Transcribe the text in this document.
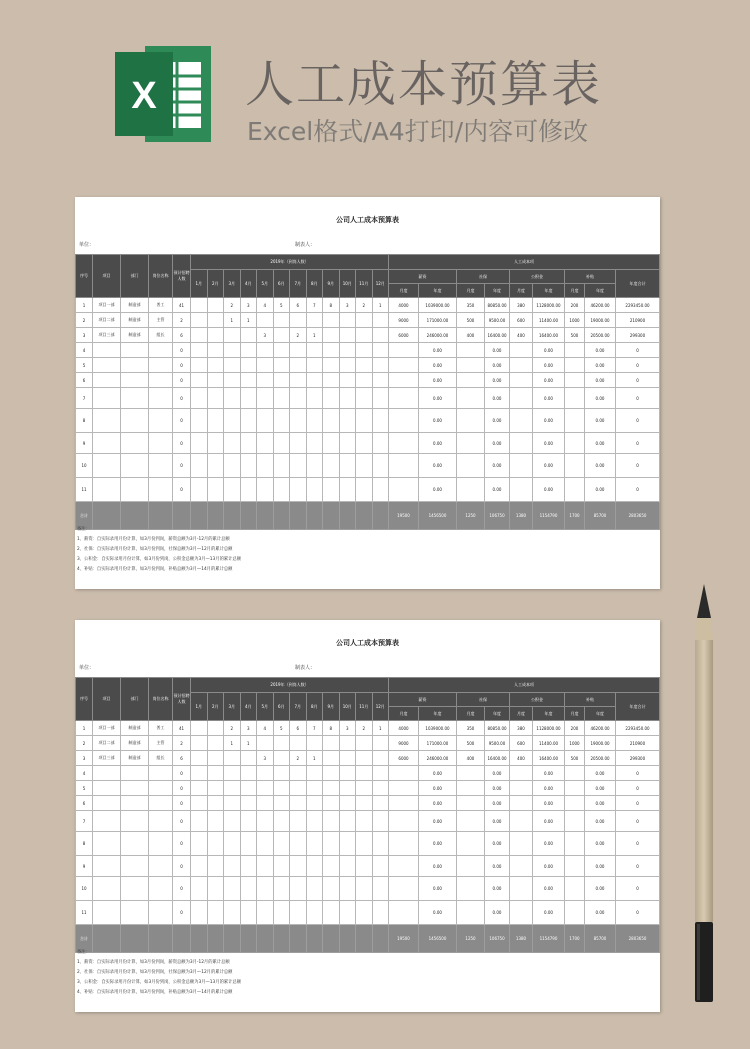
X 人工成本预算表
Excel格式/A4打印/内容可修改
公司人工成本预算表
单位：	制表人：
序号	项目	部门	岗位名称	预计招聘人数	2019年（到岗人数）												人工成本项								
					1月	2月	3月	4月	5月	6月	7月	8月	9月	10月	11月	12月	薪资		社保		公积金		补贴		年度合计
																	月度	年度	月度	年度	月度	年度	月度	年度	
1	项目一部	制造部	普工	41			2	3	4	5	6	7	8	3	2	1	4000	1039000.00	350	80850.00	380	1128000.00	200	46200.00	2293450.00
2	项目二部	制造部	主管	2			1	1									9000	171000.00	500	9500.00	600	11400.00	1000	19000.00	210900
3	项目三部	制造部	组长	6					3		2	1					6000	246000.00	400	16400.00	400	16400.00	500	20500.00	299300
4				0														0.00		0.00		0.00		0.00	0
5				0														0.00		0.00		0.00		0.00	0
6				0														0.00		0.00		0.00		0.00	0
7				0														0.00		0.00		0.00		0.00	0
8				0														0.00		0.00		0.00		0.00	0
9				0														0.00		0.00		0.00		0.00	0
10				0														0.00		0.00		0.00		0.00	0
11				0														0.00		0.00		0.00		0.00	0
合计																	19500	1456500	1250	106750	1380	1154790	1700	85700	2803650
备注：
1、薪资：自实际录用月份计算，如3月份到岗，薪资总额为3月-12月的累计总额
2、社保：自实际录用月份计算，如3月份到岗，社保总额为3月—12月的累计总额
3、公积金：自实际录用月份计算，如3月份到岗，公积金总额为3月—13月的累计总额
4、补贴：自实际录用月份计算，如3月份到岗，补贴总额为3月—14月的累计总额
公司人工成本预算表
单位：	制表人：
序号	项目	部门	岗位名称	预计招聘人数	2019年（到岗人数）												人工成本项								
					1月	2月	3月	4月	5月	6月	7月	8月	9月	10月	11月	12月	薪资		社保		公积金		补贴		年度合计
																	月度	年度	月度	年度	月度	年度	月度	年度	
1	项目一部	制造部	普工	41			2	3	4	5	6	7	8	3	2	1	4000	1039000.00	350	80850.00	380	1128000.00	200	46200.00	2293450.00
2	项目二部	制造部	主管	2			1	1									9000	171000.00	500	9500.00	600	11400.00	1000	19000.00	210900
3	项目三部	制造部	组长	6					3		2	1					6000	246000.00	400	16400.00	400	16400.00	500	20500.00	299300
4				0														0.00		0.00		0.00		0.00	0
5				0														0.00		0.00		0.00		0.00	0
6				0														0.00		0.00		0.00		0.00	0
7				0														0.00		0.00		0.00		0.00	0
8				0														0.00		0.00		0.00		0.00	0
9				0														0.00		0.00		0.00		0.00	0
10				0														0.00		0.00		0.00		0.00	0
11				0														0.00		0.00		0.00		0.00	0
合计																	19500	1456500	1250	106750	1380	1154790	1700	85700	2803650
备注：
1、薪资：自实际录用月份计算，如3月份到岗，薪资总额为3月-12月的累计总额
2、社保：自实际录用月份计算，如3月份到岗，社保总额为3月—12月的累计总额
3、公积金：自实际录用月份计算，如3月份到岗，公积金总额为3月—13月的累计总额
4、补贴：自实际录用月份计算，如3月份到岗，补贴总额为3月—14月的累计总额
